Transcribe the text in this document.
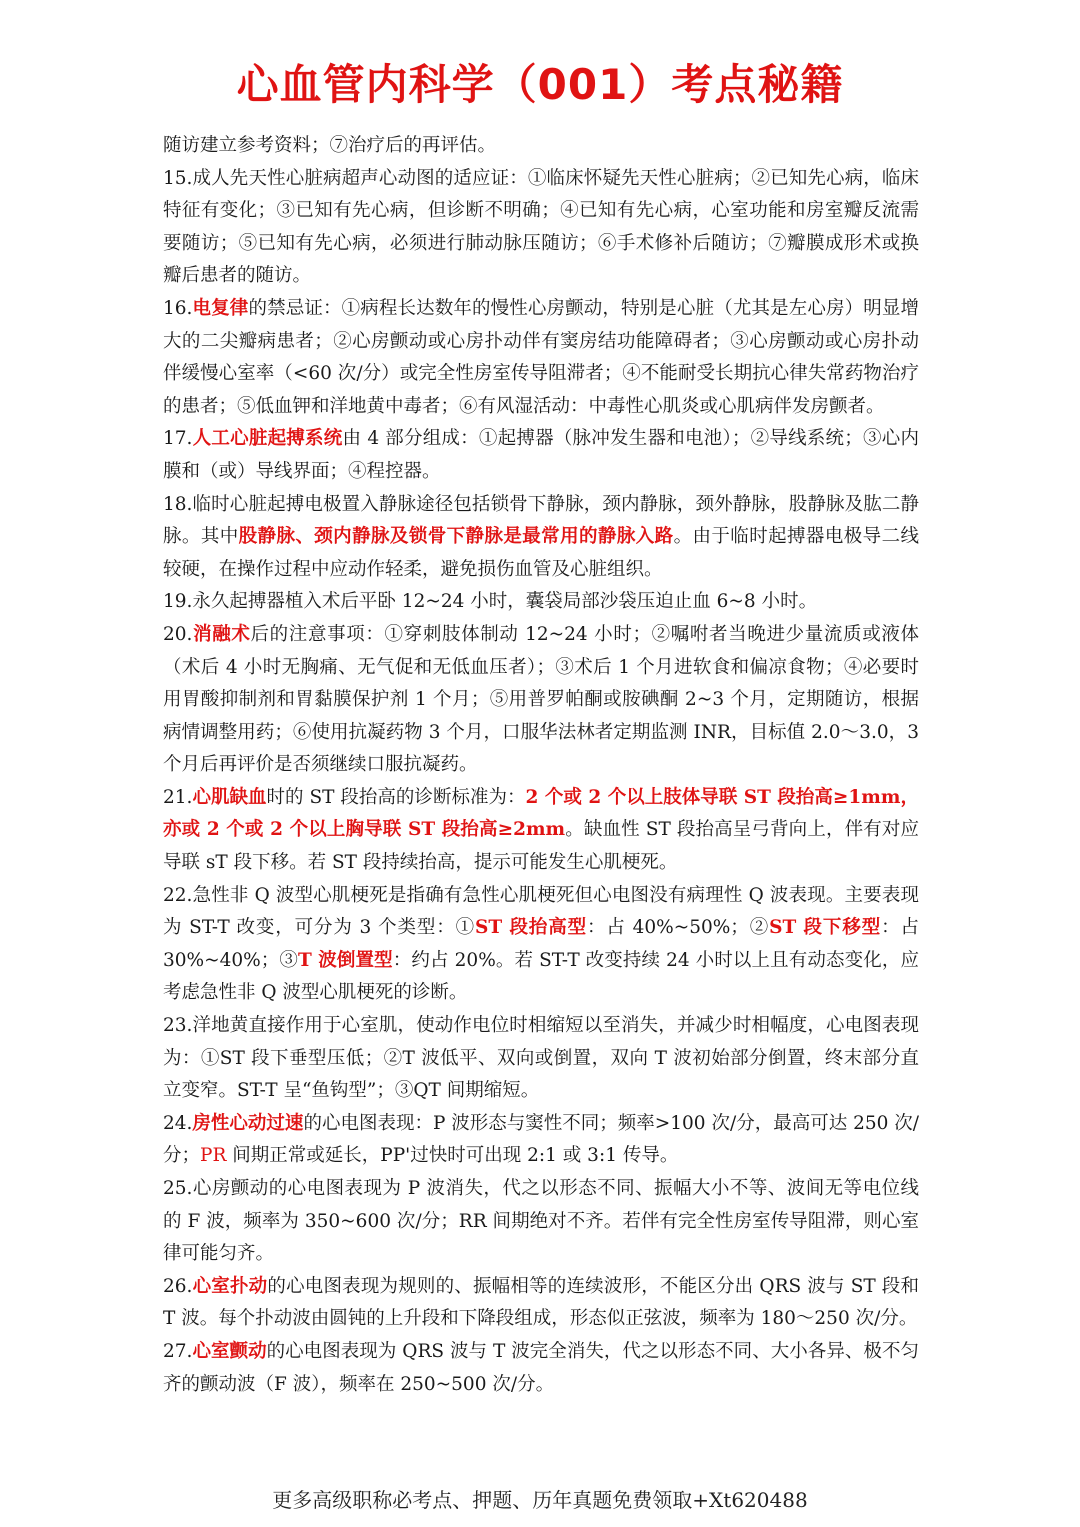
心血管内科学（001）考点秘籍

随访建立参考资料；⑦治疗后的再评估。

15.成人先天性心脏病超声心动图的适应证：①临床怀疑先天性心脏病；②已知先心病，临床特征有变化；③已知有先心病，但诊断不明确；④已知有先心病，心室功能和房室瓣反流需要随访；⑤已知有先心病，必须进行肺动脉压随访；⑥手术修补后随访；⑦瓣膜成形术或换瓣后患者的随访。

16.电复律的禁忌证：①病程长达数年的慢性心房颤动，特别是心脏（尤其是左心房）明显增大的二尖瓣病患者；②心房颤动或心房扑动伴有窦房结功能障碍者；③心房颤动或心房扑动伴缓慢心室率（<60 次/分）或完全性房室传导阻滞者；④不能耐受长期抗心律失常药物治疗的患者；⑤低血钾和洋地黄中毒者；⑥有风湿活动：中毒性心肌炎或心肌病伴发房颤者。

17.人工心脏起搏系统由 4 部分组成：①起搏器（脉冲发生器和电池）；②导线系统；③心内膜和（或）导线界面；④程控器。

18.临时心脏起搏电极置入静脉途径包括锁骨下静脉，颈内静脉，颈外静脉，股静脉及肱二静脉。其中股静脉、颈内静脉及锁骨下静脉是最常用的静脉入路。由于临时起搏器电极导二线较硬，在操作过程中应动作轻柔，避免损伤血管及心脏组织。

19.永久起搏器植入术后平卧 12~24 小时，囊袋局部沙袋压迫止血 6~8 小时。

20.消融术后的注意事项：①穿刺肢体制动 12~24 小时；②嘱咐者当晚进少量流质或液体（术后 4 小时无胸痛、无气促和无低血压者）；③术后 1 个月进软食和偏凉食物；④必要时用胃酸抑制剂和胃黏膜保护剂 1 个月；⑤用普罗帕酮或胺碘酮 2~3 个月，定期随访，根据病情调整用药；⑥使用抗凝药物 3 个月，口服华法林者定期监测 INR，目标值 2.0～3.0，3 个月后再评价是否须继续口服抗凝药。

21.心肌缺血时的 ST 段抬高的诊断标准为：2 个或 2 个以上肢体导联 ST 段抬高≥1mm，亦或 2 个或 2 个以上胸导联 ST 段抬高≥2mm。缺血性 ST 段抬高呈弓背向上，伴有对应导联 sT 段下移。若 ST 段持续抬高，提示可能发生心肌梗死。

22.急性非 Q 波型心肌梗死是指确有急性心肌梗死但心电图没有病理性 Q 波表现。主要表现为 ST-T 改变，可分为 3 个类型：①ST 段抬高型：占 40%~50%；②ST 段下移型：占 30%~40%；③T 波倒置型：约占 20%。若 ST-T 改变持续 24 小时以上且有动态变化，应考虑急性非 Q 波型心肌梗死的诊断。

23.洋地黄直接作用于心室肌，使动作电位时相缩短以至消失，并减少时相幅度，心电图表现为：①ST 段下垂型压低；②T 波低平、双向或倒置，双向 T 波初始部分倒置，终末部分直立变窄。ST-T 呈“鱼钩型”；③QT 间期缩短。

24.房性心动过速的心电图表现：P 波形态与窦性不同；频率>100 次/分，最高可达 250 次/分；PR 间期正常或延长，PP'过快时可出现 2:1 或 3:1 传导。

25.心房颤动的心电图表现为 P 波消失，代之以形态不同、振幅大小不等、波间无等电位线的 F 波，频率为 350~600 次/分；RR 间期绝对不齐。若伴有完全性房室传导阻滞，则心室律可能匀齐。

26.心室扑动的心电图表现为规则的、振幅相等的连续波形，不能区分出 QRS 波与 ST 段和 T 波。每个扑动波由圆钝的上升段和下降段组成，形态似正弦波，频率为 180～250 次/分。

27.心室颤动的心电图表现为 QRS 波与 T 波完全消失，代之以形态不同、大小各异、极不匀齐的颤动波（F 波），频率在 250~500 次/分。

更多高级职称必考点、押题、历年真题免费领取+Xt620488
